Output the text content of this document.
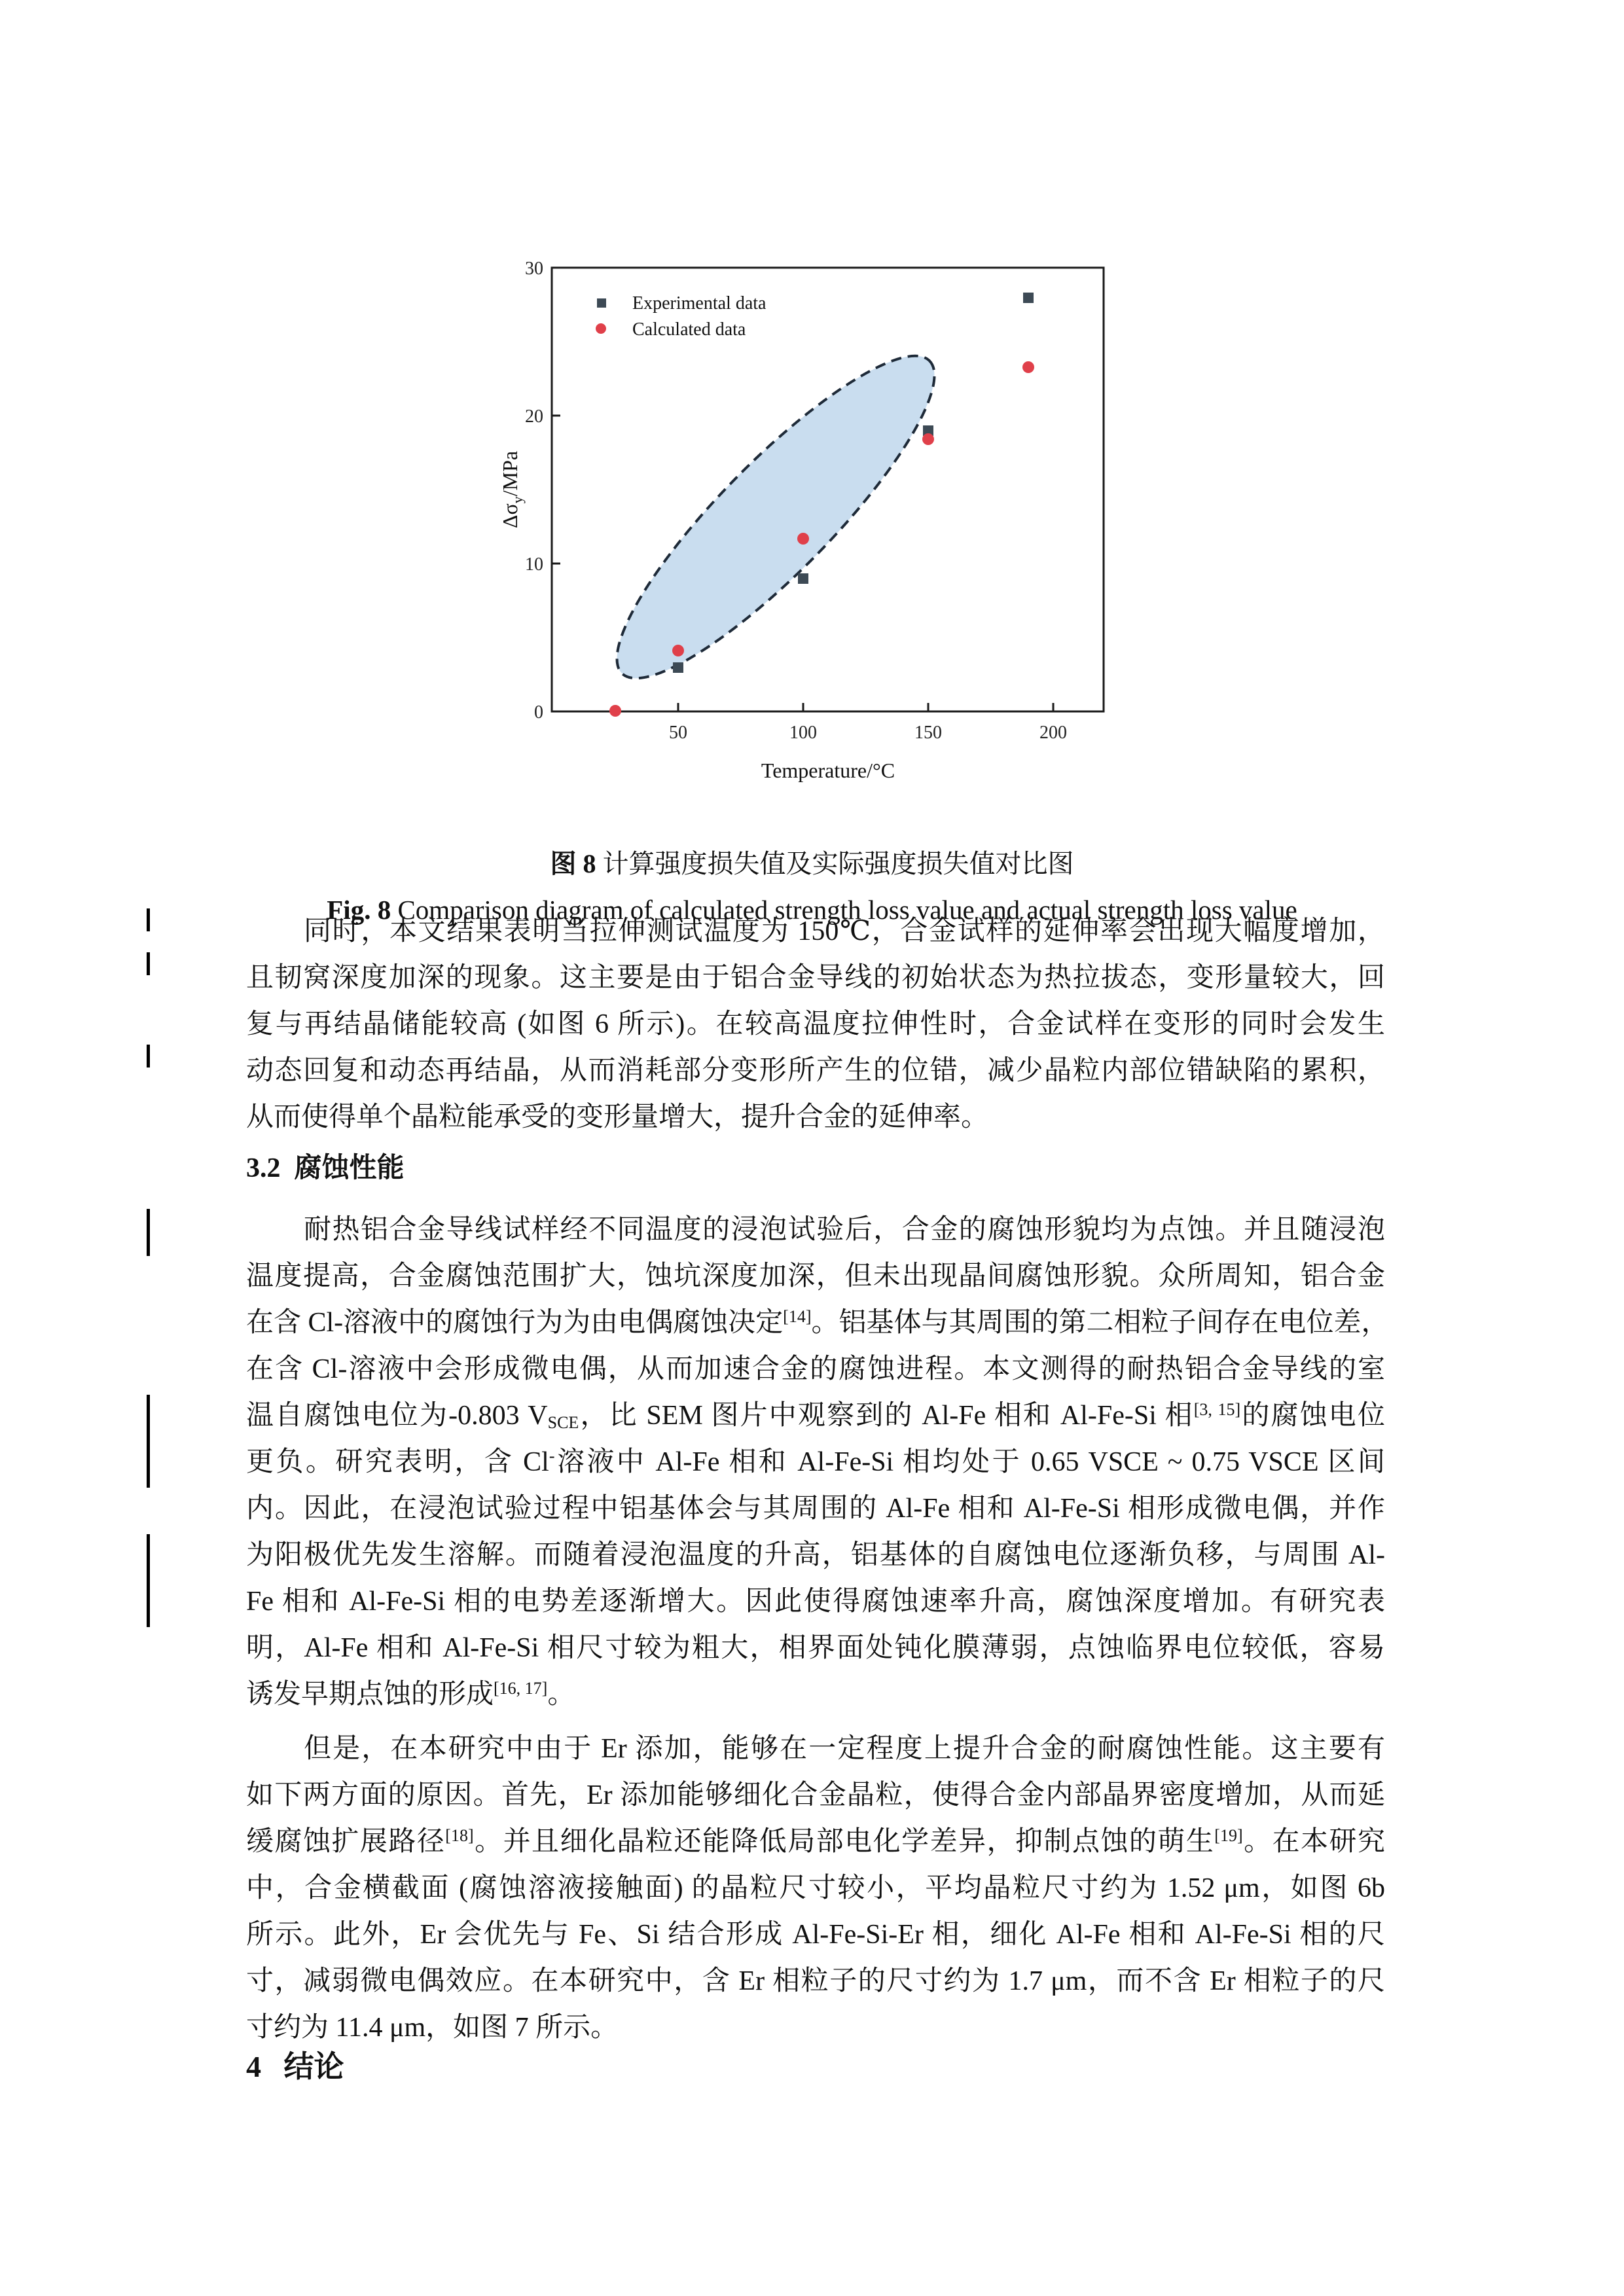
0
10
20
30
50	100	150	200
Temperature/°C
$\Delta\sigma_y$/MPa
Experimental data
Calculated data
图 8 计算强度损失值及实际强度损失值对比图
Fig. 8 Comparison diagram of calculated strength loss value and actual strength loss value
同时，本文结果表明当拉伸测试温度为 150℃，合金试样的延伸率会出现大幅度增加，
且韧窝深度加深的现象。这主要是由于铝合金导线的初始状态为热拉拔态，变形量较大，回
复与再结晶储能较高 (如图 6 所示)。在较高温度拉伸性时，合金试样在变形的同时会发生
动态回复和动态再结晶，从而消耗部分变形所产生的位错，减少晶粒内部位错缺陷的累积，
从而使得单个晶粒能承受的变形量增大，提升合金的延伸率。
3.2 腐蚀性能
耐热铝合金导线试样经不同温度的浸泡试验后，合金的腐蚀形貌均为点蚀。并且随浸泡
温度提高，合金腐蚀范围扩大，蚀坑深度加深，但未出现晶间腐蚀形貌。众所周知，铝合金
在含 Cl-溶液中的腐蚀行为为由电偶腐蚀决定[14]。铝基体与其周围的第二相粒子间存在电位差，
在含 Cl-溶液中会形成微电偶，从而加速合金的腐蚀进程。本文测得的耐热铝合金导线的室
温自腐蚀电位为-0.803 $V_{SCE}$，比 SEM 图片中观察到的 Al-Fe 相和 Al-Fe-Si 相[3, 15]的腐蚀电位
更负。研究表明，含 Cl-溶液中 Al-Fe 相和 Al-Fe-Si 相均处于 0.65 VSCE ~ 0.75 VSCE 区间
内。因此，在浸泡试验过程中铝基体会与其周围的 Al-Fe 相和 Al-Fe-Si 相形成微电偶，并作
为阳极优先发生溶解。而随着浸泡温度的升高，铝基体的自腐蚀电位逐渐负移，与周围 Al-
Fe 相和 Al-Fe-Si 相的电势差逐渐增大。因此使得腐蚀速率升高，腐蚀深度增加。有研究表
明，Al-Fe 相和 Al-Fe-Si 相尺寸较为粗大，相界面处钝化膜薄弱，点蚀临界电位较低，容易
诱发早期点蚀的形成[16, 17]。
但是，在本研究中由于 Er 添加，能够在一定程度上提升合金的耐腐蚀性能。这主要有
如下两方面的原因。首先，Er 添加能够细化合金晶粒，使得合金内部晶界密度增加，从而延
缓腐蚀扩展路径[18]。并且细化晶粒还能降低局部电化学差异，抑制点蚀的萌生[19]。在本研究
中，合金横截面 (腐蚀溶液接触面) 的晶粒尺寸较小，平均晶粒尺寸约为 1.52 μm，如图 6b
所示。此外，Er 会优先与 Fe、Si 结合形成 Al-Fe-Si-Er 相，细化 Al-Fe 相和 Al-Fe-Si 相的尺
寸，减弱微电偶效应。在本研究中，含 Er 相粒子的尺寸约为 1.7 μm，而不含 Er 相粒子的尺
寸约为 11.4 μm，如图 7 所示。
4 结论
